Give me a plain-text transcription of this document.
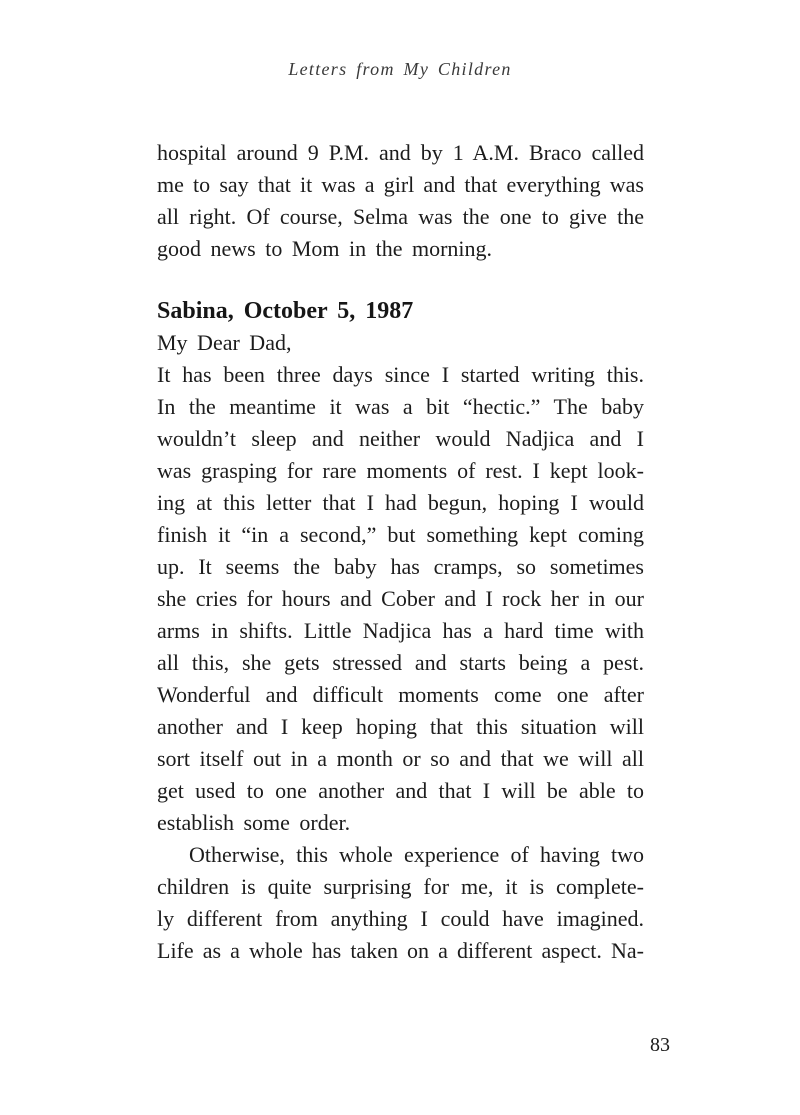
Letters from My Children
hospital around 9 P.M. and by 1 A.M. Braco called
me to say that it was a girl and that everything was
all right. Of course, Selma was the one to give the
good news to Mom in the morning.
Sabina, October 5, 1987
My Dear Dad,
It has been three days since I started writing this.
In the meantime it was a bit “hectic.” The baby
wouldn’t sleep and neither would Nadjica and I
was grasping for rare moments of rest. I kept look-
ing at this letter that I had begun, hoping I would
finish it “in a second,” but something kept coming
up. It seems the baby has cramps, so sometimes
she cries for hours and Cober and I rock her in our
arms in shifts. Little Nadjica has a hard time with
all this, she gets stressed and starts being a pest.
Wonderful and difficult moments come one after
another and I keep hoping that this situation will
sort itself out in a month or so and that we will all
get used to one another and that I will be able to
establish some order.
Otherwise, this whole experience of having two
children is quite surprising for me, it is complete-
ly different from anything I could have imagined.
Life as a whole has taken on a different aspect. Na-
83
